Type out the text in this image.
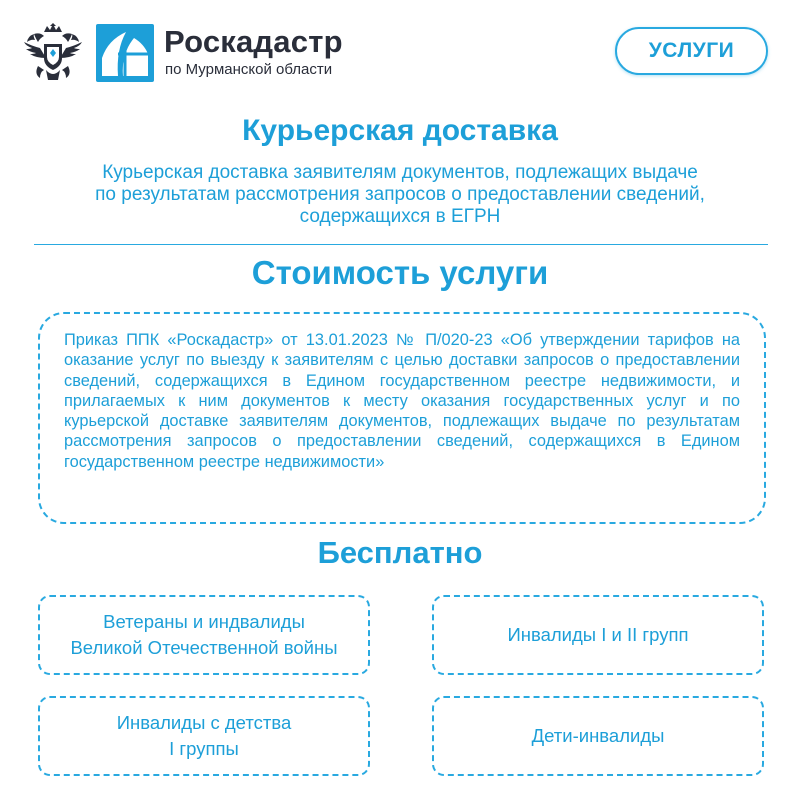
Роскадастр
по Мурманской области
УСЛУГИ
Курьерская доставка
Курьерская доставка заявителям документов, подлежащих выдаче
по результатам рассмотрения запросов о предоставлении сведений,
содержащихся в ЕГРН
Стоимость услуги
Приказ ППК «Роскадастр» от 13.01.2023 № П/020-23 «Об утверждении тарифов на оказание услуг по выезду к заявителям с целью доставки запросов о предоставлении сведений, содержащихся в Едином государственном реестре недвижимости, и прилагаемых к ним документов к месту оказания государственных услуг и по курьерской доставке заявителям документов, подлежащих выдаче по результатам рассмотрения запросов о предоставлении сведений, содержащихся в Едином государственном реестре недвижимости»
Бесплатно
Ветераны и индвалиды
Великой Отечественной войны
Инвалиды I и II групп
Инвалиды с детства
I группы
Дети-инвалиды
